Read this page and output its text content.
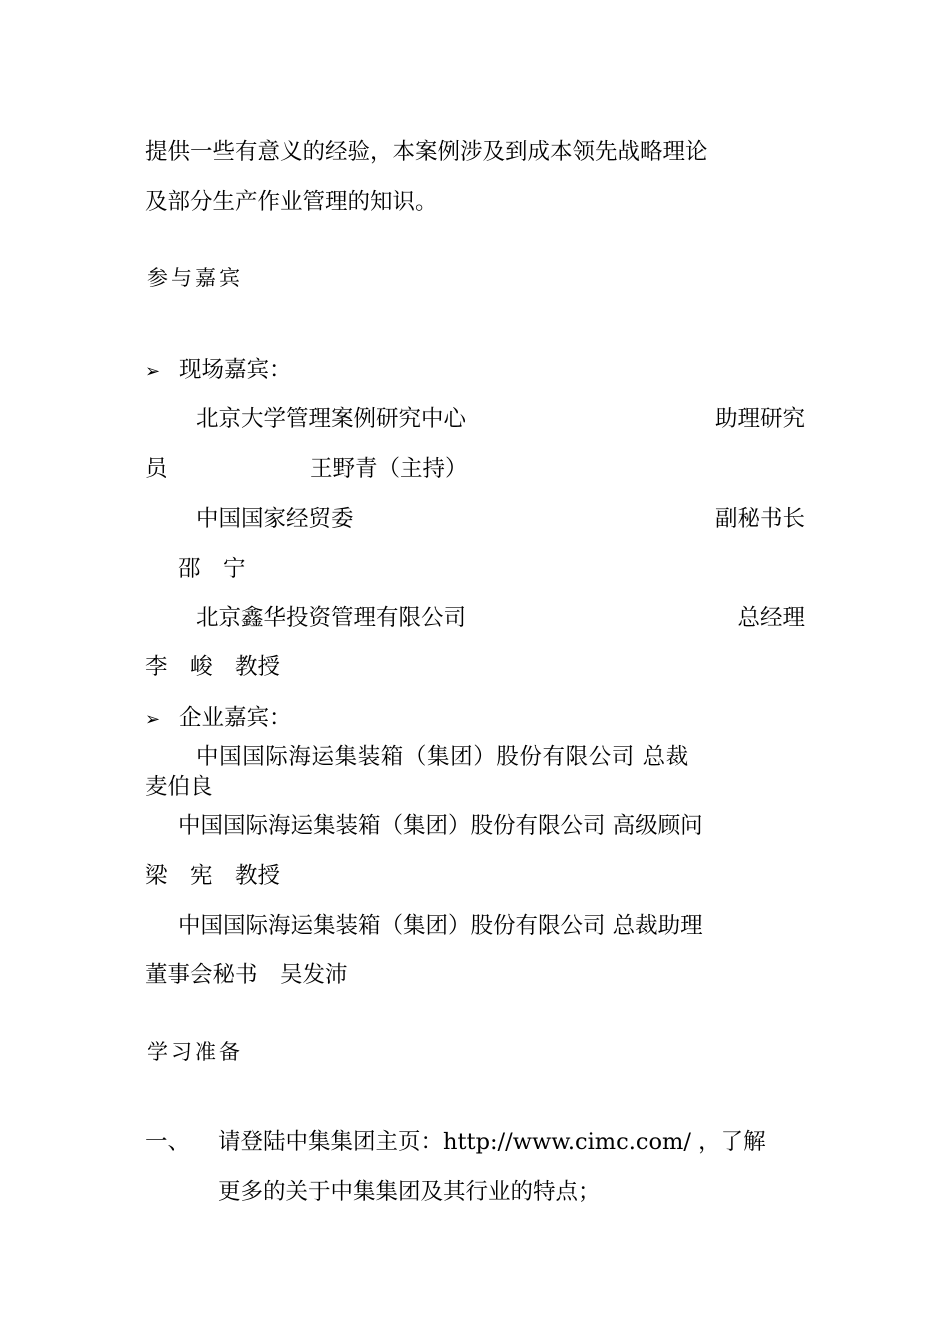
提供一些有意义的经验，本案例涉及到成本领先战略理论
及部分生产作业管理的知识。
参与嘉宾
➢ 现场嘉宾：
北京大学管理案例研究中心	助理研究
员	王野青（主持）
中国国家经贸委	副秘书长
邵　宁
北京鑫华投资管理有限公司	总经理
李　峻　教授
➢ 企业嘉宾：
中国国际海运集装箱（集团）股份有限公司 总裁
麦伯良
中国国际海运集装箱（集团）股份有限公司 高级顾问
梁　宪　教授
中国国际海运集装箱（集团）股份有限公司 总裁助理
董事会秘书　吴发沛
学习准备
一、 请登陆中集集团主页：http://www.cimc.com/ ，了解
更多的关于中集集团及其行业的特点；
